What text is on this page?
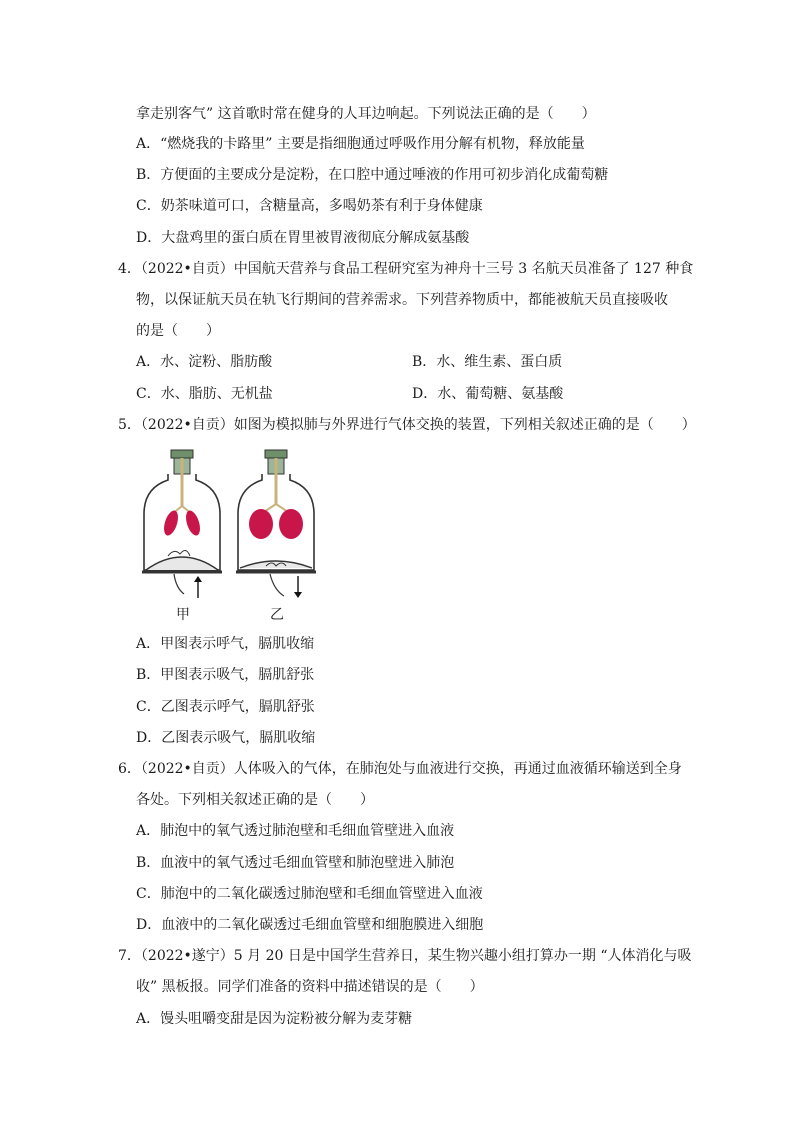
拿走别客气” 这首歌时常在健身的人耳边响起。下列说法正确的是（　　）
A．“燃烧我的卡路里” 主要是指细胞通过呼吸作用分解有机物，释放能量
B．方便面的主要成分是淀粉，在口腔中通过唾液的作用可初步消化成葡萄糖
C．奶茶味道可口，含糖量高，多喝奶茶有利于身体健康
D．大盘鸡里的蛋白质在胃里被胃液彻底分解成氨基酸
4．（2022•自贡）中国航天营养与食品工程研究室为神舟十三号 3 名航天员准备了 127 种食
物，以保证航天员在轨飞行期间的营养需求。下列营养物质中，都能被航天员直接吸收
的是（　　）
A．水、淀粉、脂肪酸	B．水、维生素、蛋白质
C．水、脂肪、无机盐	D．水、葡萄糖、氨基酸
5．（2022•自贡）如图为模拟肺与外界进行气体交换的装置，下列相关叙述正确的是（　　）
甲	乙
A．甲图表示呼气，膈肌收缩
B．甲图表示吸气，膈肌舒张
C．乙图表示呼气，膈肌舒张
D．乙图表示吸气，膈肌收缩
6．（2022•自贡）人体吸入的气体，在肺泡处与血液进行交换，再通过血液循环输送到全身
各处。下列相关叙述正确的是（　　）
A．肺泡中的氧气透过肺泡壁和毛细血管壁进入血液
B．血液中的氧气透过毛细血管壁和肺泡壁进入肺泡
C．肺泡中的二氧化碳透过肺泡壁和毛细血管壁进入血液
D．血液中的二氧化碳透过毛细血管壁和细胞膜进入细胞
7．（2022•遂宁）5 月 20 日是中国学生营养日，某生物兴趣小组打算办一期 “人体消化与吸
收” 黑板报。同学们准备的资料中描述错误的是（　　）
A．馒头咀嚼变甜是因为淀粉被分解为麦芽糖
